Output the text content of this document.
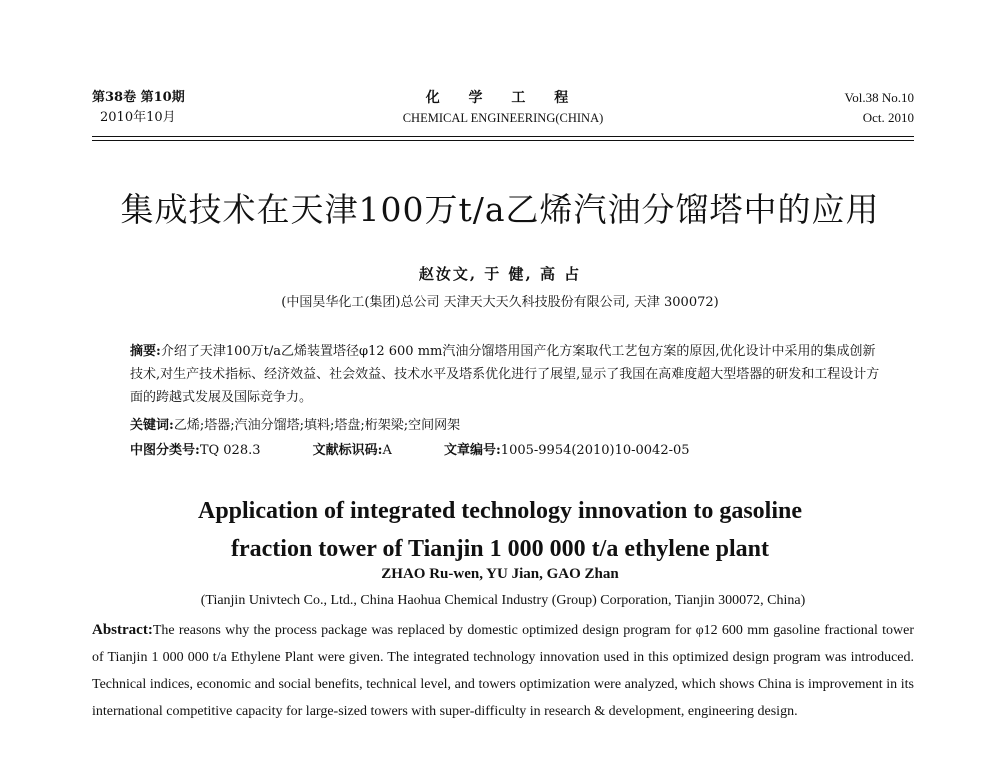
第38卷 第10期
2010年10月
化 学 工 程
CHEMICAL ENGINEERING(CHINA)
Vol.38 No.10
Oct. 2010
集成技术在天津100万t/a乙烯汽油分馏塔中的应用
赵汝文, 于 健, 高 占
(中国昊华化工(集团)总公司 天津天大天久科技股份有限公司, 天津 300072)
摘要:介绍了天津100万t/a乙烯装置塔径φ12 600 mm汽油分馏塔用国产化方案取代工艺包方案的原因,优化设计中采用的集成创新技术,对生产技术指标、经济效益、社会效益、技术水平及塔系优化进行了展望,显示了我国在高难度超大型塔器的研发和工程设计方面的跨越式发展及国际竞争力。
关键词:乙烯;塔器;汽油分馏塔;填料;塔盘;桁架梁;空间网架
中图分类号:TQ 028.3	文献标识码:A	文章编号:1005-9954(2010)10-0042-05
Application of integrated technology innovation to gasoline
fraction tower of Tianjin 1 000 000 t/a ethylene plant
ZHAO Ru-wen, YU Jian, GAO Zhan
(Tianjin Univtech Co., Ltd., China Haohua Chemical Industry (Group) Corporation, Tianjin 300072, China)
Abstract:The reasons why the process package was replaced by domestic optimized design program for φ12 600 mm gasoline fractional tower of Tianjin 1 000 000 t/a Ethylene Plant were given. The integrated technology innovation used in this optimized design program was introduced. Technical indices, economic and social benefits, technical level, and towers optimization were analyzed, which shows China is improvement in its international competitive capacity for large-sized towers with super-difficulty in research & development, engineering design.
